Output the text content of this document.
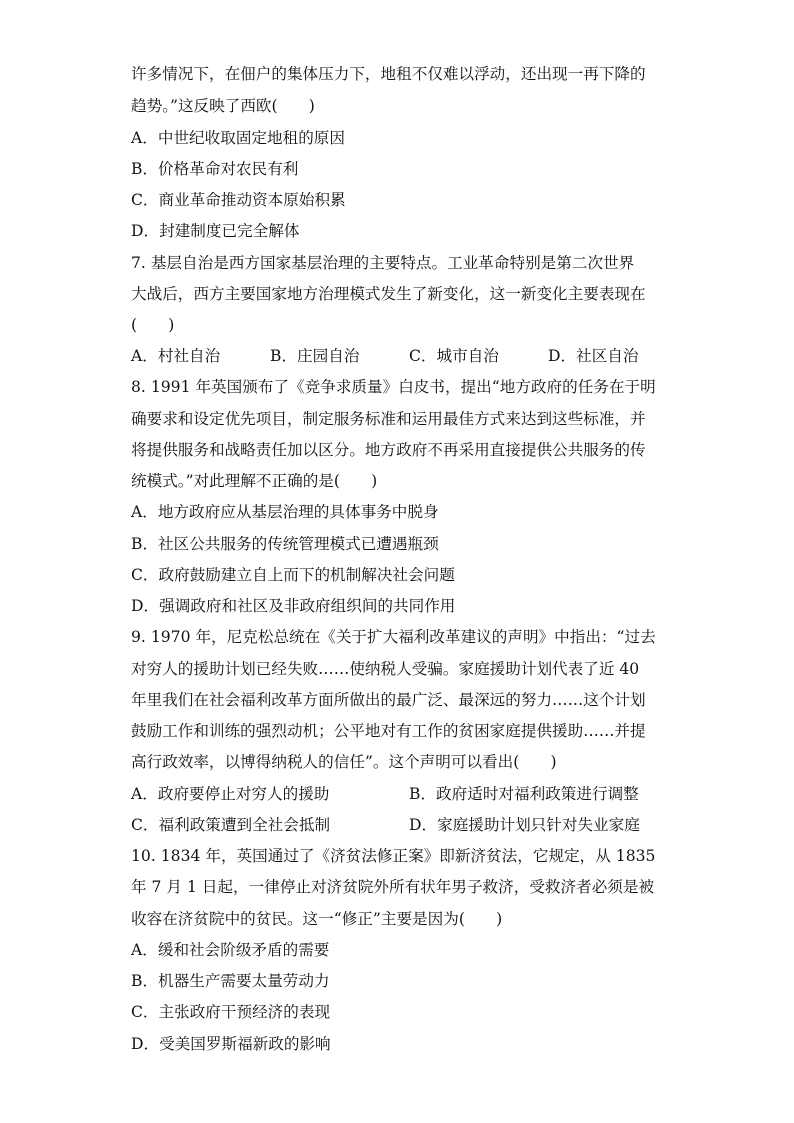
许多情况下，在佃户的集体压力下，地租不仅难以浮动，还出现一再下降的
趋势。”这反映了西欧(　　)
A．中世纪收取固定地租的原因
B．价格革命对农民有利
C．商业革命推动资本原始积累
D．封建制度已完全解体
7. 基层自治是西方国家基层治理的主要特点。工业革命特别是第二次世界
大战后，西方主要国家地方治理模式发生了新变化，这一新变化主要表现在
(　　)
A．村社自治	B．庄园自治	C．城市自治	D．社区自治
8. 1991 年英国颁布了《竞争求质量》白皮书，提出“地方政府的任务在于明
确要求和设定优先项目，制定服务标准和运用最佳方式来达到这些标准，并
将提供服务和战略责任加以区分。地方政府不再采用直接提供公共服务的传
统模式。”对此理解不正确的是(　　)
A．地方政府应从基层治理的具体事务中脱身
B．社区公共服务的传统管理模式已遭遇瓶颈
C．政府鼓励建立自上而下的机制解决社会问题
D．强调政府和社区及非政府组织间的共同作用
9. 1970 年，尼克松总统在《关于扩大福利改革建议的声明》中指出：“过去
对穷人的援助计划已经失败……使纳税人受骗。家庭援助计划代表了近 40
年里我们在社会福利改革方面所做出的最广泛、最深远的努力……这个计划
鼓励工作和训练的强烈动机；公平地对有工作的贫困家庭提供援助……并提
高行政效率，以博得纳税人的信任”。这个声明可以看出(　　)
A．政府要停止对穷人的援助	B．政府适时对福利政策进行调整
C．福利政策遭到全社会抵制	D．家庭援助计划只针对失业家庭
10. 1834 年，英国通过了《济贫法修正案》即新济贫法，它规定，从 1835
年 7 月 1 日起，一律停止对济贫院外所有状年男子救济，受救济者必须是被
收容在济贫院中的贫民。这一“修正”主要是因为(　　)
A．缓和社会阶级矛盾的需要
B．机器生产需要太量劳动力
C．主张政府干预经济的表现
D．受美国罗斯福新政的影响
